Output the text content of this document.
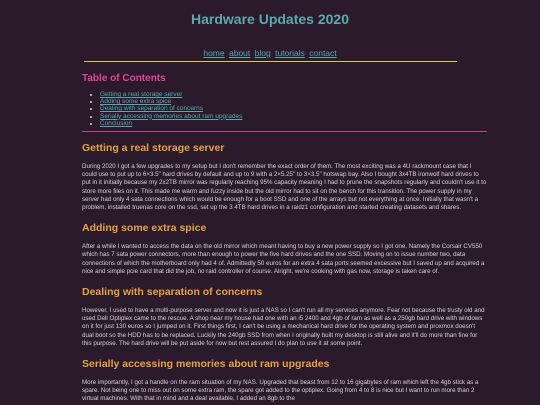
Hardware Updates 2020
home about blog tutorials contact
Table of Contents
• Getting a real storage server
• Adding some extra spice
• Dealing with separation of concerns
• Serially accessing memories about ram upgrades
• Conclusion
Getting a real storage server

During 2020 I got a few upgrades to my setup but I don't remember the exact order of them. The most exciting was a 4U rackmount case that I could use to put up to 6×3.5" hard drives by default and up to 9 with a 2×5.25" to 3×3.5" hotswap bay. Also I bought 3x4TB ironwolf hard drives to put in it initially because my 2x2TB mirror was regularly reaching 95% capacity meaning I had to prune the snapshots regularly and couldn't use it to store more files on it. This made me warm and fuzzy inside but the old mirror had to sit on the bench for this transition. The power supply in my server had only 4 sata connections which would be enough for a boot SSD and one of the arrays but not everything at once. Initially that wasn't a problem, installed truenas core on the ssd, set up the 3 4TB hard drives in a raidz1 configuration and started creating datasets and shares.

Adding some extra spice

After a while I wanted to access the data on the old mirror which meant having to buy a new power supply so I got one. Namely the Corsair CV550 which has 7 sata power connectors, more than enough to power the five hard drives and the one SSD. Moving on to issue number two, data connections of which the motherboard only had 4 of. Admittedly 50 euros for an extra 4 sata ports seemed excessive but I saved up and acquired a nice and simple pcie card that did the job, no raid controller of course. Alright, we're cooking with gas now, storage is taken care of.

Dealing with separation of concerns

However, I used to have a multi-purpose server and now it is just a NAS so I can't run all my services anymore. Fear not because the trusty old and used Dell Optiplex came to the rescue. A shop near my house had one with an i5 2400 and 4gb of ram as well as a 250gb hard drive with windows on it for just 130 euros so I jumped on it. First things first, I can't be using a mechanical hard drive for the operating system and proxmox doesn't dual boot so the HDD has to be replaced. Luckily the 240gb SSD from when I originally built my desktop is still alive and it'll do more than fine for this purpose. The hard drive will be put aside for now but rest assured I do plan to use it at some point.

Serially accessing memories about ram upgrades

More importantly, I got a handle on the ram situation of my NAS. Upgraded that beast from 12 to 16 gigabytes of ram which left the 4gb stick as a spare. Not being one to miss out on some extra ram, the spare got added to the optiplex. Going from 4 to 8 is nice but I want to run more than 2 virtual machines. With that in mind and a deal available, I added an 8gb to the
